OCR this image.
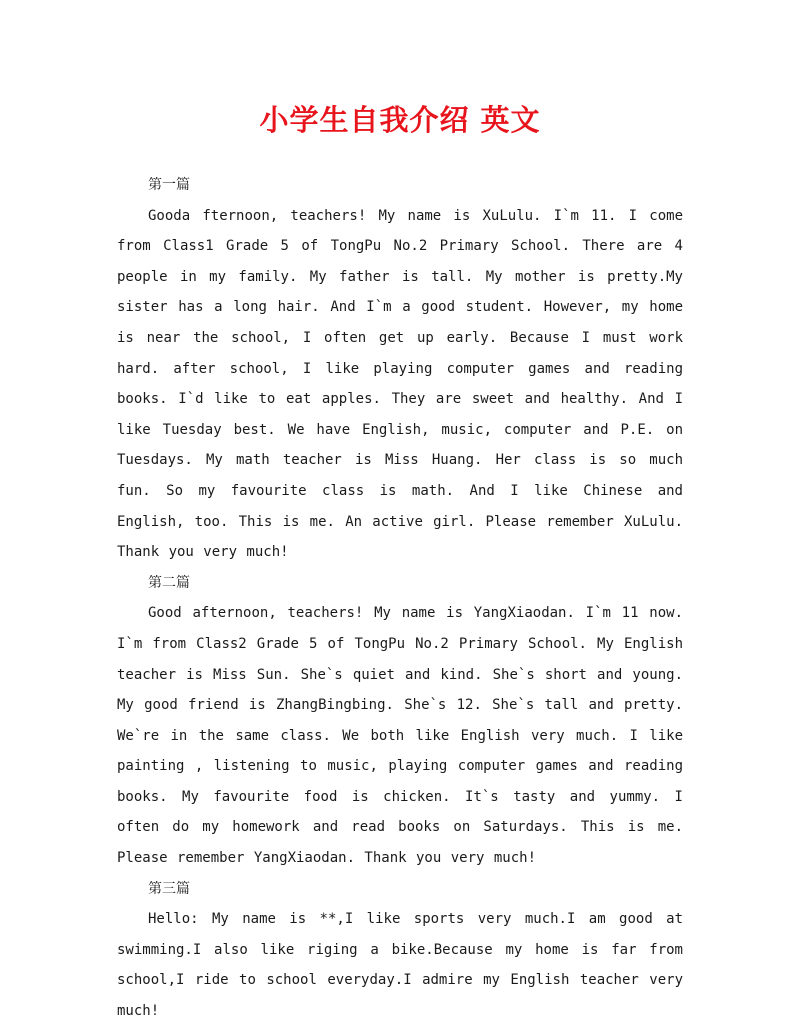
小学生自我介绍 英文

第一篇

Gooda fternoon, teachers! My name is XuLulu. I`m 11. I come from Class1 Grade 5 of TongPu No.2 Primary School. There are 4 people in my family. My father is tall. My mother is pretty.My sister has a long hair. And I`m a good student. However, my home is near the school, I often get up early. Because I must work hard. after school, I like playing computer games and reading books. I`d like to eat apples. They are sweet and healthy. And I like Tuesday best. We have English, music, computer and P.E. on Tuesdays. My math teacher is Miss Huang. Her class is so much fun. So my favourite class is math. And I like Chinese and English, too. This is me. An active girl. Please remember XuLulu. Thank you very much!

第二篇

Good afternoon, teachers! My name is YangXiaodan. I`m 11 now. I`m from Class2 Grade 5 of TongPu No.2 Primary School. My English teacher is Miss Sun. She`s quiet and kind. She`s short and young. My good friend is ZhangBingbing. She`s 12. She`s tall and pretty. We`re in the same class. We both like English very much. I like painting , listening to music, playing computer games and reading books. My favourite food is chicken. It`s tasty and yummy. I often do my homework and read books on Saturdays. This is me. Please remember YangXiaodan. Thank you very much!

第三篇

Hello: My name is **,I like sports very much.I am good at swimming.I also like riging a bike.Because my home is far from school,I ride to school everyday.I admire my English teacher very much!
